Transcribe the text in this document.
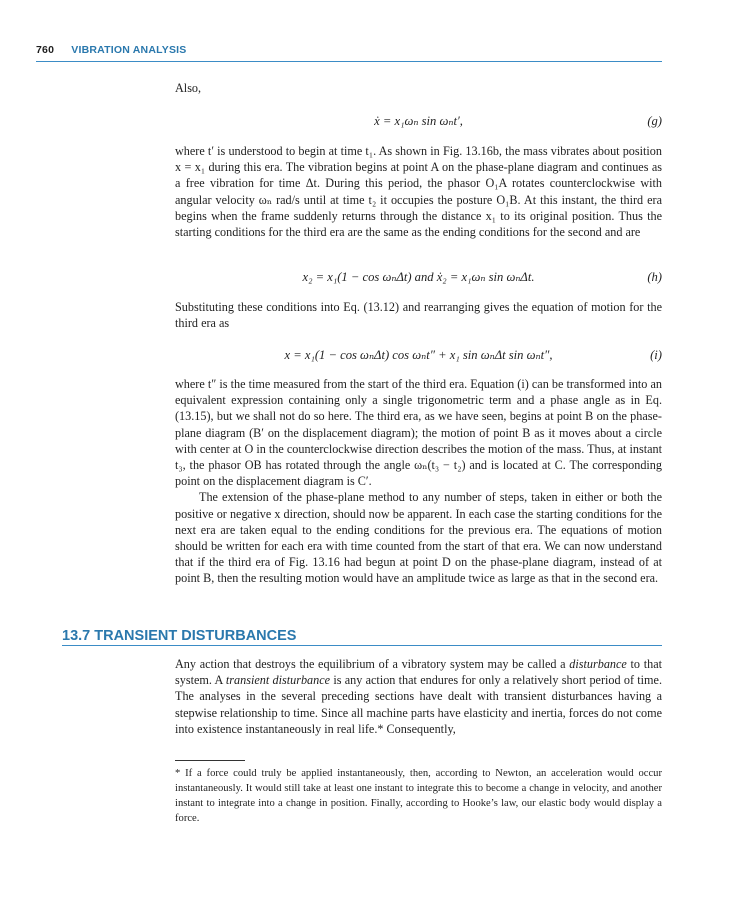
760 VIBRATION ANALYSIS

Also,

ẋ = x₁ωₙ sin ωₙt′,	(g)

where t′ is understood to begin at time t₁. As shown in Fig. 13.16b, the mass vibrates about position x = x₁ during this era. The vibration begins at point A on the phase-plane diagram and continues as a free vibration for time Δt. During this period, the phasor O₁A rotates counterclockwise with angular velocity ωₙ rad/s until at time t₂ it occupies the posture O₁B. At this instant, the third era begins when the frame suddenly returns through the distance x₁ to its original position. Thus the starting conditions for the third era are the same as the ending conditions for the second and are

x₂ = x₁(1 − cos ωₙΔt) and ẋ₂ = x₁ωₙ sin ωₙΔt.	(h)

Substituting these conditions into Eq. (13.12) and rearranging gives the equation of motion for the third era as

x = x₁(1 − cos ωₙΔt) cos ωₙt″ + x₁ sin ωₙΔt sin ωₙt″,	(i)

where t″ is the time measured from the start of the third era. Equation (i) can be transformed into an equivalent expression containing only a single trigonometric term and a phase angle as in Eq. (13.15), but we shall not do so here. The third era, as we have seen, begins at point B on the phase-plane diagram (B′ on the displacement diagram); the motion of point B as it moves about a circle with center at O in the counterclockwise direction describes the motion of the mass. Thus, at instant t₃, the phasor OB has rotated through the angle ωₙ(t₃ − t₂) and is located at C. The corresponding point on the displacement diagram is C′.

The extension of the phase-plane method to any number of steps, taken in either or both the positive or negative x direction, should now be apparent. In each case the starting conditions for the next era are taken equal to the ending conditions for the previous era. The equations of motion should be written for each era with time counted from the start of that era. We can now understand that if the third era of Fig. 13.16 had begun at point D on the phase-plane diagram, instead of at point B, then the resulting motion would have an amplitude twice as large as that in the second era.

13.7 TRANSIENT DISTURBANCES

Any action that destroys the equilibrium of a vibratory system may be called a disturbance to that system. A transient disturbance is any action that endures for only a relatively short period of time. The analyses in the several preceding sections have dealt with transient disturbances having a stepwise relationship to time. Since all machine parts have elasticity and inertia, forces do not come into existence instantaneously in real life.* Consequently,

* If a force could truly be applied instantaneously, then, according to Newton, an acceleration would occur instantaneously. It would still take at least one instant to integrate this to become a change in velocity, and another instant to integrate into a change in position. Finally, according to Hooke’s law, our elastic body would display a force.
